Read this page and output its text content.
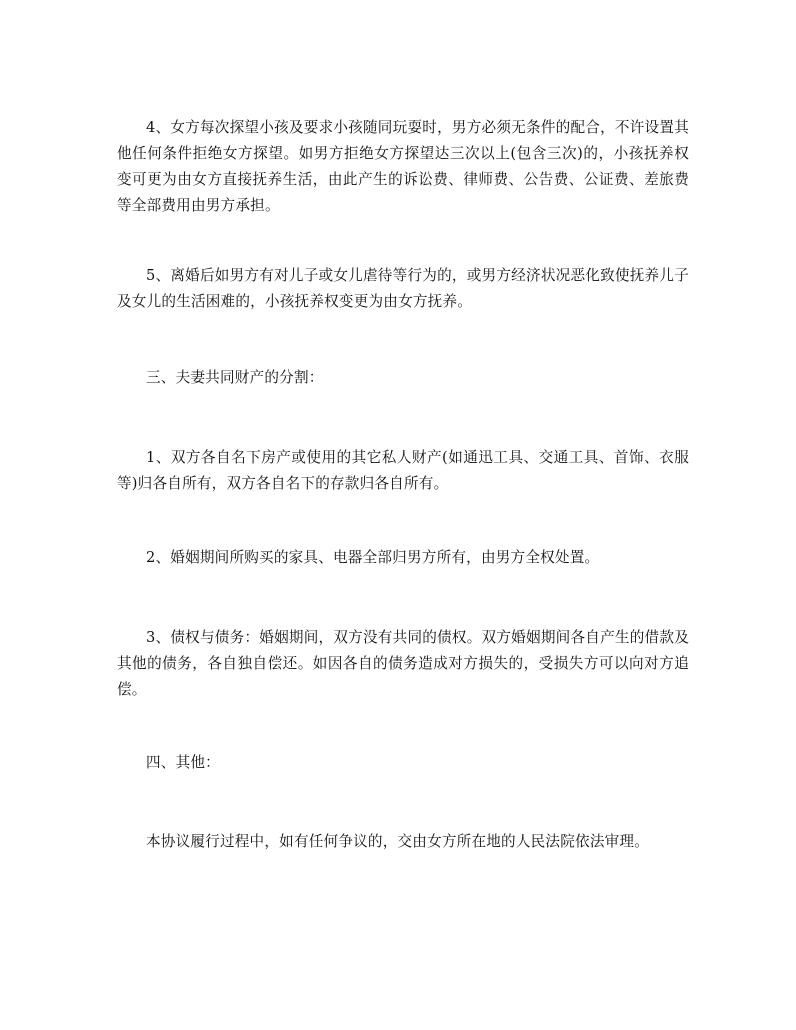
4、女方每次探望小孩及要求小孩随同玩耍时，男方必须无条件的配合，不许设置其他任何条件拒绝女方探望。如男方拒绝女方探望达三次以上(包含三次)的，小孩抚养权变可更为由女方直接抚养生活，由此产生的诉讼费、律师费、公告费、公证费、差旅费等全部费用由男方承担。

5、离婚后如男方有对儿子或女儿虐待等行为的，或男方经济状况恶化致使抚养儿子及女儿的生活困难的，小孩抚养权变更为由女方抚养。

三、夫妻共同财产的分割：

1、双方各自名下房产或使用的其它私人财产(如通迅工具、交通工具、首饰、衣服等)归各自所有，双方各自名下的存款归各自所有。

2、婚姻期间所购买的家具、电器全部归男方所有，由男方全权处置。

3、债权与债务：婚姻期间，双方没有共同的债权。双方婚姻期间各自产生的借款及其他的债务，各自独自偿还。如因各自的债务造成对方损失的，受损失方可以向对方追偿。

四、其他：

本协议履行过程中，如有任何争议的，交由女方所在地的人民法院依法审理。
